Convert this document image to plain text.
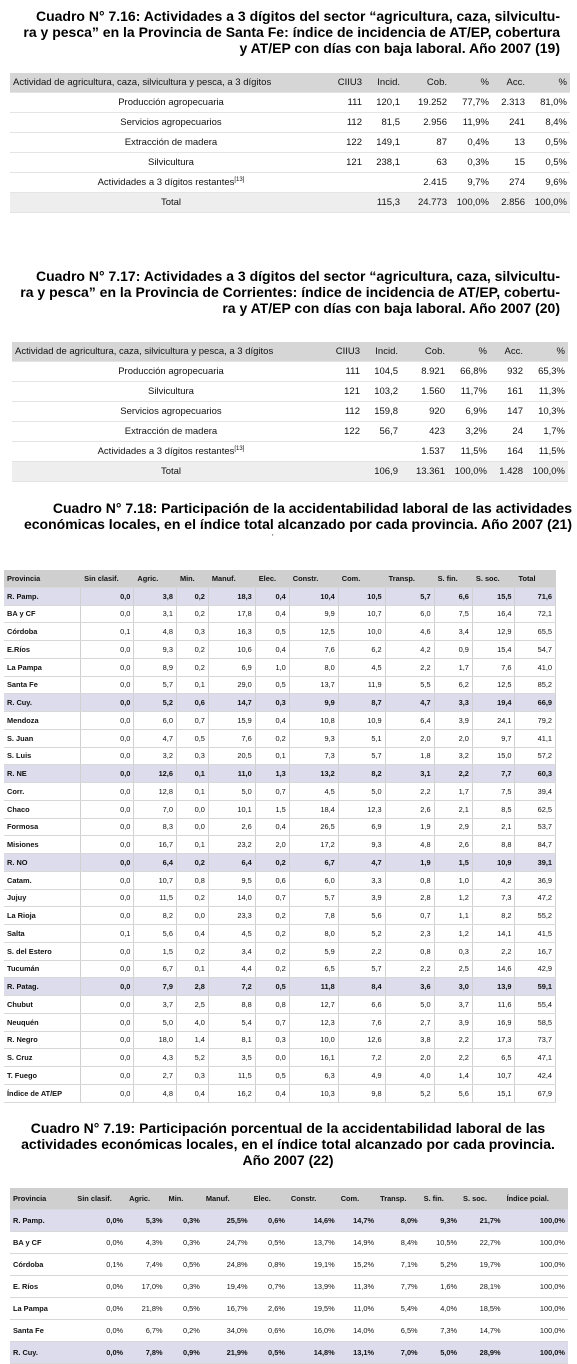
Cuadro N° 7.16: Actividades a 3 dígitos del sector “agricultura, caza, silvicultu-
ra y pesca” en la Provincia de Santa Fe: índice de incidencia de AT/EP, cobertura
y AT/EP con días con baja laboral. Año 2007 (19)
Actividad de agricultura, caza, silvicultura y pesca, a 3 dígitos	CIIU3	Incid.	Cob.	%	Acc.	%
Producción agropecuaria	111	120,1	19.252	77,7%	2.313	81,0%
Servicios agropecuarios	112	81,5	2.956	11,9%	241	8,4%
Extracción de madera	122	149,1	87	0,4%	13	0,5%
Silvicultura	121	238,1	63	0,3%	15	0,5%
Actividades a 3 dígitos restantes[13]			2.415	9,7%	274	9,6%
Total		115,3	24.773	100,0%	2.856	100,0%
Cuadro N° 7.17: Actividades a 3 dígitos del sector “agricultura, caza, silvicultu-
ra y pesca” en la Provincia de Corrientes: índice de incidencia de AT/EP, cobertu-
ra y AT/EP con días con baja laboral. Año 2007 (20)
Actividad de agricultura, caza, silvicultura y pesca, a 3 dígitos	CIIU3	Incid.	Cob.	%	Acc.	%
Producción agropecuaria	111	104,5	8.921	66,8%	932	65,3%
Silvicultura	121	103,2	1.560	11,7%	161	11,3%
Servicios agropecuarios	112	159,8	920	6,9%	147	10,3%
Extracción de madera	122	56,7	423	3,2%	24	1,7%
Actividades a 3 dígitos restantes[13]			1.537	11,5%	164	11,5%
Total		106,9	13.361	100,0%	1.428	100,0%
Cuadro N° 7.18: Participación de la accidentabilidad laboral de las actividades
económicas locales, en el índice total alcanzado por cada provincia. Año 2007 (21)
'
Provincia	Sin clasif.	Agric.	Min.	Manuf.	Elec.	Constr.	Com.	Transp.	S. fin.	S. soc.	Total
R. Pamp.	0,0	3,8	0,2	18,3	0,4	10,4	10,5	5,7	6,6	15,5	71,6
BA y CF	0,0	3,1	0,2	17,8	0,4	9,9	10,7	6,0	7,5	16,4	72,1
Córdoba	0,1	4,8	0,3	16,3	0,5	12,5	10,0	4,6	3,4	12,9	65,5
E.Ríos	0,0	9,3	0,2	10,6	0,4	7,6	6,2	4,2	0,9	15,4	54,7
La Pampa	0,0	8,9	0,2	6,9	1,0	8,0	4,5	2,2	1,7	7,6	41,0
Santa Fe	0,0	5,7	0,1	29,0	0,5	13,7	11,9	5,5	6,2	12,5	85,2
R. Cuy.	0,0	5,2	0,6	14,7	0,3	9,9	8,7	4,7	3,3	19,4	66,9
Mendoza	0,0	6,0	0,7	15,9	0,4	10,8	10,9	6,4	3,9	24,1	79,2
S. Juan	0,0	4,7	0,5	7,6	0,2	9,3	5,1	2,0	2,0	9,7	41,1
S. Luis	0,0	3,2	0,3	20,5	0,1	7,3	5,7	1,8	3,2	15,0	57,2
R. NE	0,0	12,6	0,1	11,0	1,3	13,2	8,2	3,1	2,2	7,7	60,3
Corr.	0,0	12,8	0,1	5,0	0,7	4,5	5,0	2,2	1,7	7,5	39,4
Chaco	0,0	7,0	0,0	10,1	1,5	18,4	12,3	2,6	2,1	8,5	62,5
Formosa	0,0	8,3	0,0	2,6	0,4	26,5	6,9	1,9	2,9	2,1	53,7
Misiones	0,0	16,7	0,1	23,2	2,0	17,2	9,3	4,8	2,6	8,8	84,7
R. NO	0,0	6,4	0,2	6,4	0,2	6,7	4,7	1,9	1,5	10,9	39,1
Catam.	0,0	10,7	0,8	9,5	0,6	6,0	3,3	0,8	1,0	4,2	36,9
Jujuy	0,0	11,5	0,2	14,0	0,7	5,7	3,9	2,8	1,2	7,3	47,2
La Rioja	0,0	8,2	0,0	23,3	0,2	7,8	5,6	0,7	1,1	8,2	55,2
Salta	0,1	5,6	0,4	4,5	0,2	8,0	5,2	2,3	1,2	14,1	41,5
S. del Estero	0,0	1,5	0,2	3,4	0,2	5,9	2,2	0,8	0,3	2,2	16,7
Tucumán	0,0	6,7	0,1	4,4	0,2	6,5	5,7	2,2	2,5	14,6	42,9
R. Patag.	0,0	7,9	2,8	7,2	0,5	11,8	8,4	3,6	3,0	13,9	59,1
Chubut	0,0	3,7	2,5	8,8	0,8	12,7	6,6	5,0	3,7	11,6	55,4
Neuquén	0,0	5,0	4,0	5,4	0,7	12,3	7,6	2,7	3,9	16,9	58,5
R. Negro	0,0	18,0	1,4	8,1	0,3	10,0	12,6	3,8	2,2	17,3	73,7
S. Cruz	0,0	4,3	5,2	3,5	0,0	16,1	7,2	2,0	2,2	6,5	47,1
T. Fuego	0,0	2,7	0,3	11,5	0,5	6,3	4,9	4,0	1,4	10,7	42,4
Índice de AT/EP	0,0	4,8	0,4	16,2	0,4	10,3	9,8	5,2	5,6	15,1	67,9
Cuadro N° 7.19: Participación porcentual de la accidentabilidad laboral de las
actividades económicas locales, en el índice total alcanzado por cada provincia.
Año 2007 (22)
Provincia	Sin clasif.	Agric.	Min.	Manuf.	Elec.	Constr.	Com.	Transp.	S. fin.	S. soc.	Índice pcial.
R. Pamp.	0,0%	5,3%	0,3%	25,5%	0,6%	14,6%	14,7%	8,0%	9,3%	21,7%	100,0%
BA y CF	0,0%	4,3%	0,3%	24,7%	0,5%	13,7%	14,9%	8,4%	10,5%	22,7%	100,0%
Córdoba	0,1%	7,4%	0,5%	24,8%	0,8%	19,1%	15,2%	7,1%	5,2%	19,7%	100,0%
E. Ríos	0,0%	17,0%	0,3%	19,4%	0,7%	13,9%	11,3%	7,7%	1,6%	28,1%	100,0%
La Pampa	0,0%	21,8%	0,5%	16,7%	2,6%	19,5%	11,0%	5,4%	4,0%	18,5%	100,0%
Santa Fe	0,0%	6,7%	0,2%	34,0%	0,6%	16,0%	14,0%	6,5%	7,3%	14,7%	100,0%
R. Cuy.	0,0%	7,8%	0,9%	21,9%	0,5%	14,8%	13,1%	7,0%	5,0%	28,9%	100,0%
